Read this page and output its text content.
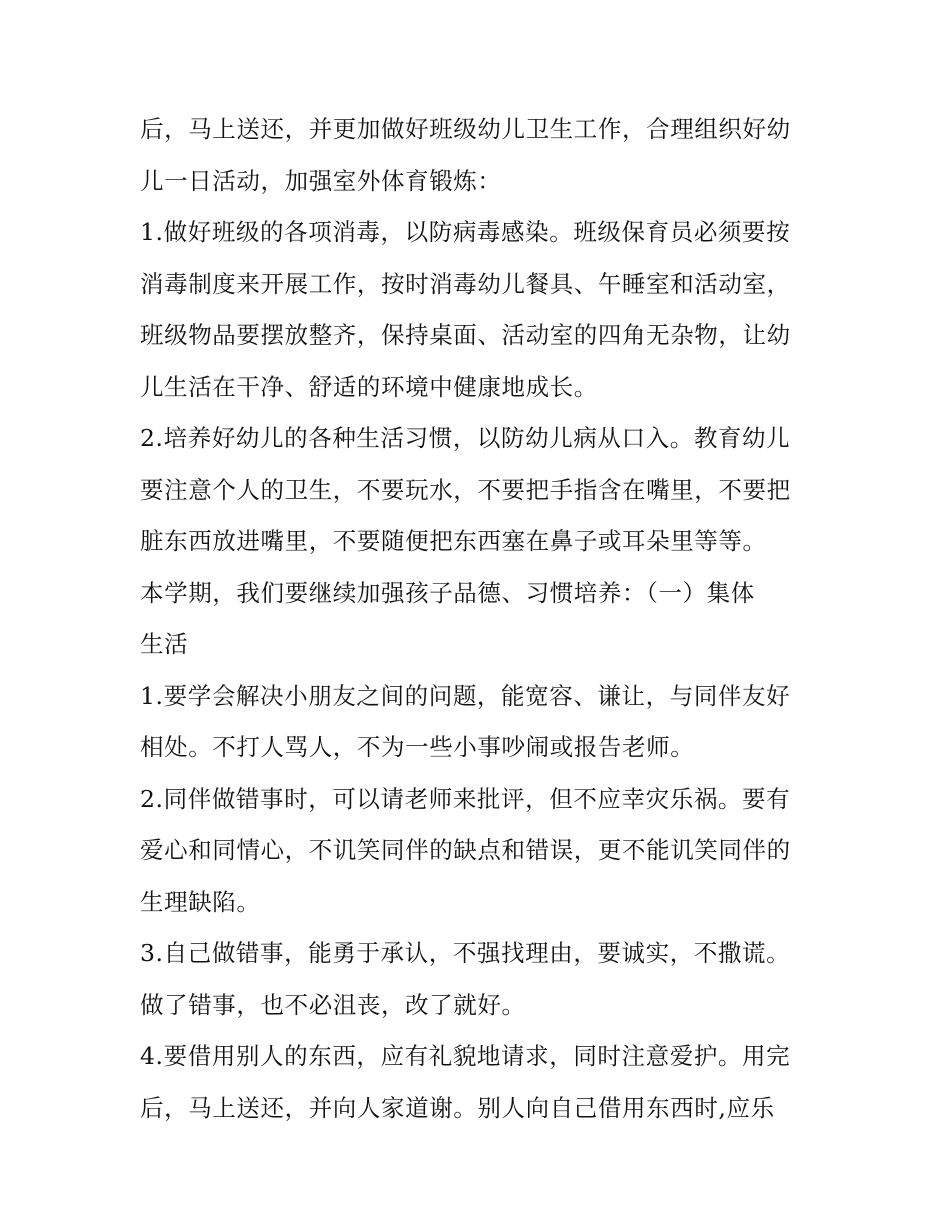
后，马上送还，并更加做好班级幼儿卫生工作，合理组织好幼
儿一日活动，加强室外体育锻炼：
1.做好班级的各项消毒，以防病毒感染。班级保育员必须要按
消毒制度来开展工作，按时消毒幼儿餐具、午睡室和活动室，
班级物品要摆放整齐，保持桌面、活动室的四角无杂物，让幼
儿生活在干净、舒适的环境中健康地成长。
2.培养好幼儿的各种生活习惯，以防幼儿病从口入。教育幼儿
要注意个人的卫生，不要玩水，不要把手指含在嘴里，不要把
脏东西放进嘴里，不要随便把东西塞在鼻子或耳朵里等等。
本学期，我们要继续加强孩子品德、习惯培养：（一）集体
生活
1.要学会解决小朋友之间的问题，能宽容、谦让，与同伴友好
相处。不打人骂人，不为一些小事吵闹或报告老师。
2.同伴做错事时，可以请老师来批评，但不应幸灾乐祸。要有
爱心和同情心，不讥笑同伴的缺点和错误，更不能讥笑同伴的
生理缺陷。
3.自己做错事，能勇于承认，不强找理由，要诚实，不撒谎。
做了错事，也不必沮丧，改了就好。
4.要借用别人的东西，应有礼貌地请求，同时注意爱护。用完
后，马上送还，并向人家道谢。别人向自己借用东西时,应乐
